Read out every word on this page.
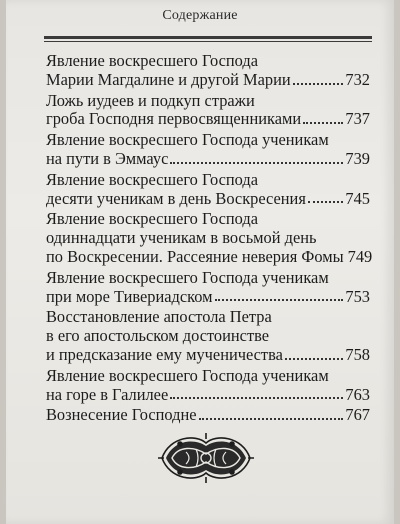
Содержание
Явление воскресшего Господа
Марии Магдалине и другой Марии	732
Ложь иудеев и подкуп стражи
гроба Господня первосвященниками	737
Явление воскресшего Господа ученикам
на пути в Эммаус	739
Явление воскресшего Господа
десяти ученикам в день Воскресения 745
Явление воскресшего Господа
одиннадцати ученикам в восьмой день
по Воскресении. Рассеяние неверия Фомы 749
Явление воскресшего Господа ученикам
при море Тивериадском	753
Восстановление апостола Петра
в его апостольском достоинстве
и предсказание ему мученичества	758
Явление воскресшего Господа ученикам
на горе в Галилее	763
Вознесение Господне	767
